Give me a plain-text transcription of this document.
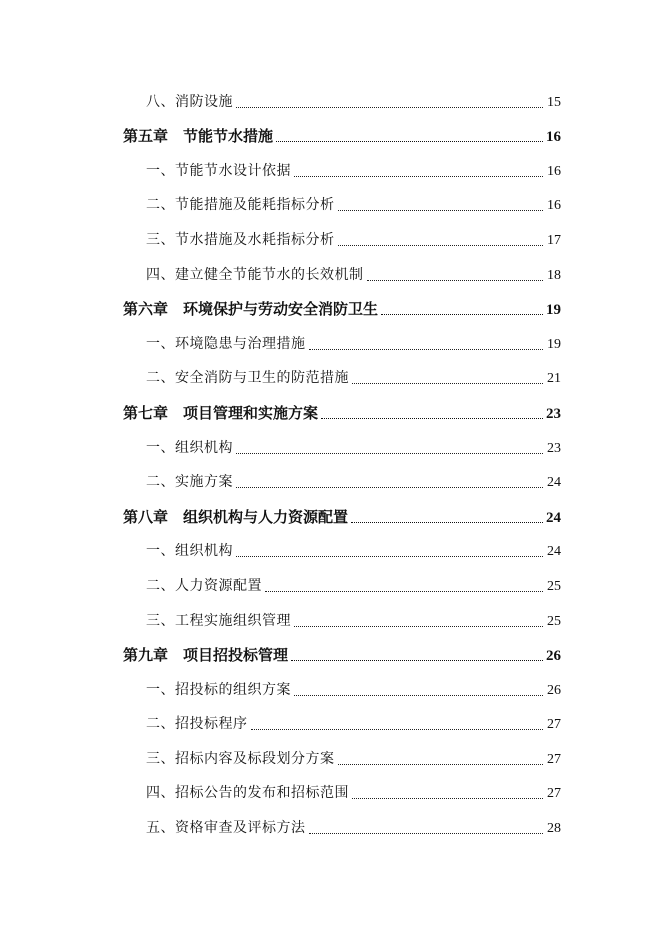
八、消防设施	15
第五章　节能节水措施	16
一、节能节水设计依据	16
二、节能措施及能耗指标分析	16
三、节水措施及水耗指标分析	17
四、建立健全节能节水的长效机制	18
第六章　环境保护与劳动安全消防卫生	19
一、环境隐患与治理措施	19
二、安全消防与卫生的防范措施	21
第七章　项目管理和实施方案	23
一、组织机构	23
二、实施方案	24
第八章　组织机构与人力资源配置	24
一、组织机构	24
二、人力资源配置	25
三、工程实施组织管理	25
第九章　项目招投标管理	26
一、招投标的组织方案	26
二、招投标程序	27
三、招标内容及标段划分方案	27
四、招标公告的发布和招标范围	27
五、资格审查及评标方法	28
